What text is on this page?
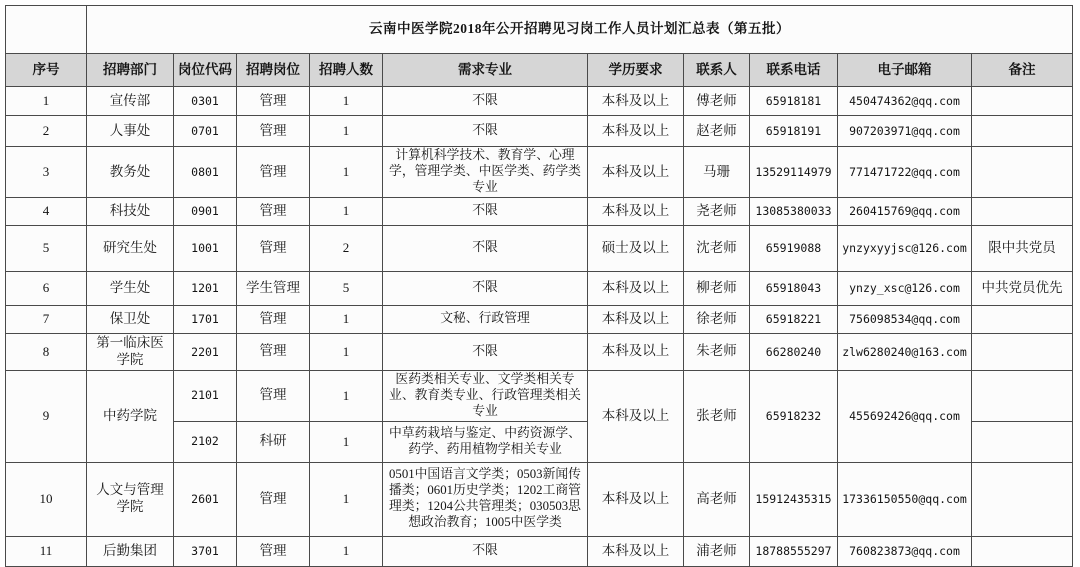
	云南中医学院2018年公开招聘见习岗工作人员计划汇总表（第五批）									
序号	招聘部门	岗位代码	招聘岗位	招聘人数	需求专业	学历要求	联系人	联系电话	电子邮箱	备注
1	宣传部	0301	管理	1	不限	本科及以上	傅老师	65918181	450474362@qq.com	
2	人事处	0701	管理	1	不限	本科及以上	赵老师	65918191	907203971@qq.com	
3	教务处	0801	管理	1	计算机科学技术、教育学、心理学，管理学类、中医学类、药学类专业	本科及以上	马珊	13529114979	771471722@qq.com	
4	科技处	0901	管理	1	不限	本科及以上	尧老师	13085380033	260415769@qq.com	
5	研究生处	1001	管理	2	不限	硕士及以上	沈老师	65919088	ynzyxyyjsc@126.com	限中共党员
6	学生处	1201	学生管理	5	不限	本科及以上	柳老师	65918043	ynzy_xsc@126.com	中共党员优先
7	保卫处	1701	管理	1	文秘、行政管理	本科及以上	徐老师	65918221	756098534@qq.com	
8	第一临床医学院	2201	管理	1	不限	本科及以上	朱老师	66280240	zlw6280240@163.com	
9	中药学院	2101	管理	1	医药类相关专业、文学类相关专业、教育类专业、行政管理类相关专业	本科及以上	张老师	65918232	455692426@qq.com	
		2102	科研	1	中草药栽培与鉴定、中药资源学、药学、药用植物学相关专业					
10	人文与管理学院	2601	管理	1	0501中国语言文学类；0503新闻传播类；0601历史学类；1202工商管理类；1204公共管理类；030503思想政治教育；1005中医学类	本科及以上	高老师	15912435315	17336150550@qq.com	
11	后勤集团	3701	管理	1	不限	本科及以上	浦老师	18788555297	760823873@qq.com	
